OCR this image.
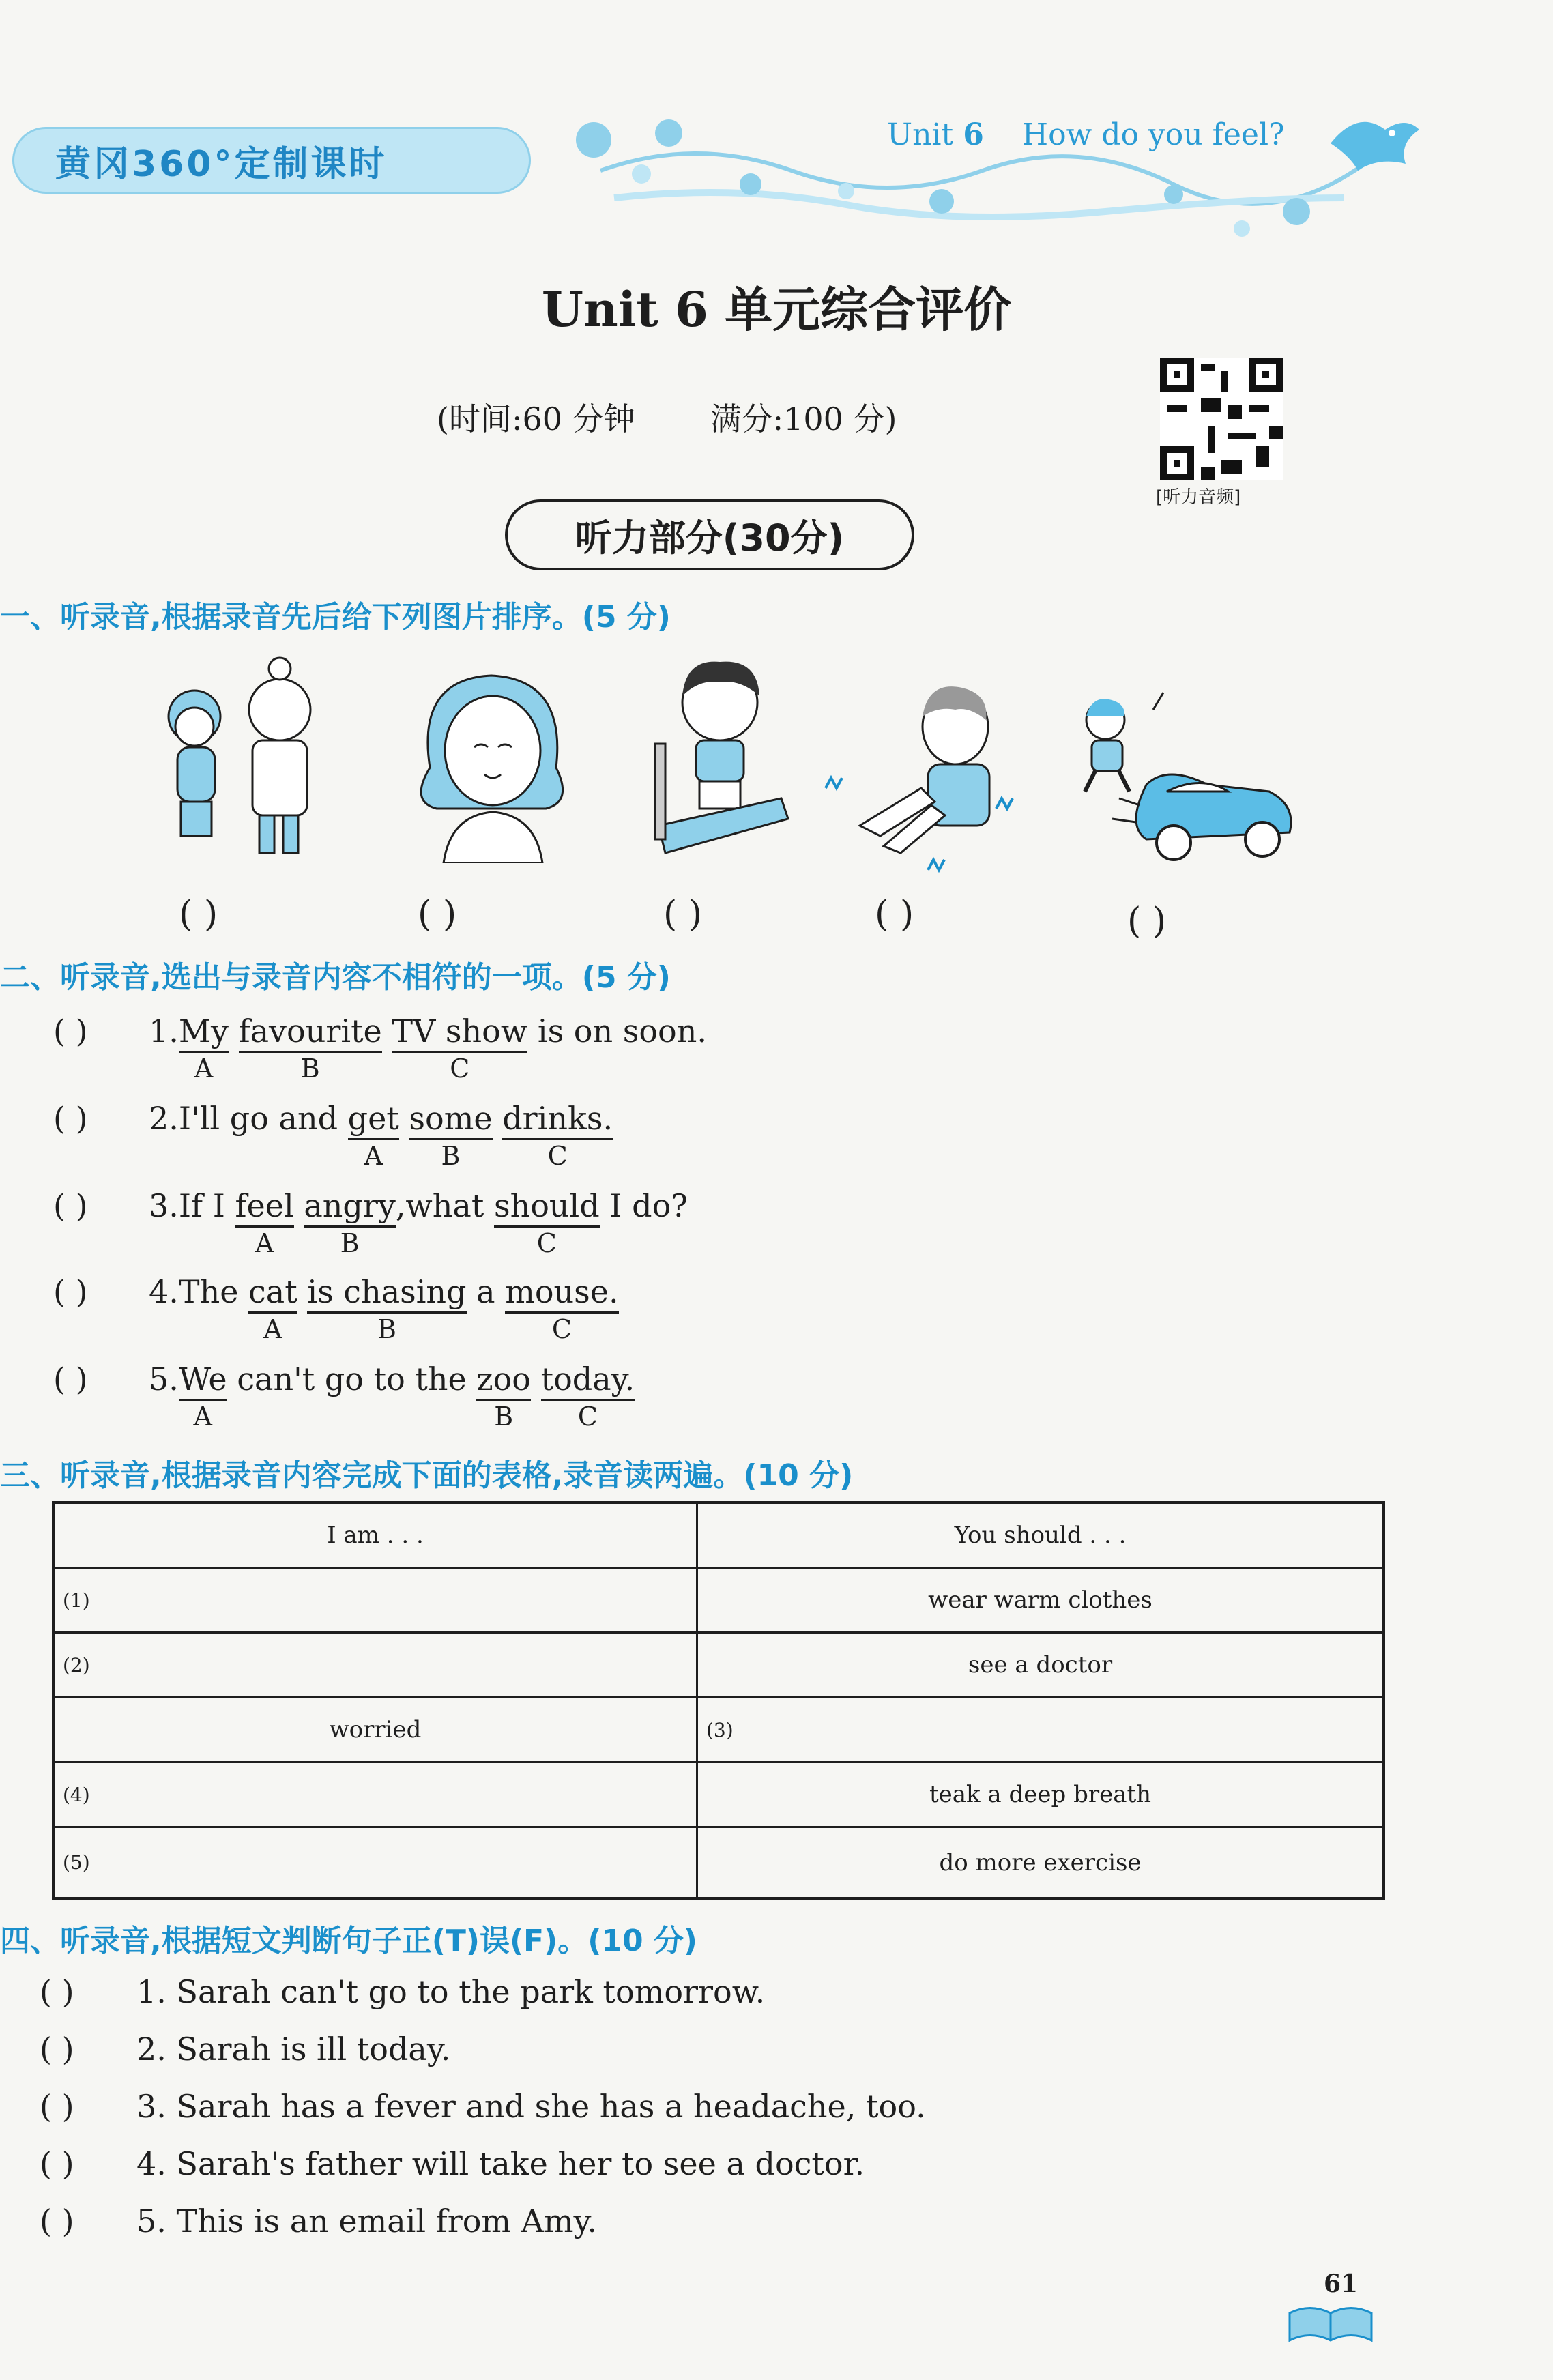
黄冈360°定制课时
Unit 6 How do you feel?
Unit 6 单元综合评价
(时间:60 分钟 满分:100 分)
[听力音频]
听力部分(30分)
一、听录音,根据录音先后给下列图片排序。(5 分)
( )	( )	( )	( )	( )
二、听录音,选出与录音内容不相符的一项。(5 分)
( ) 1.My
A
favourite
B
TV show
C
is on soon.
( ) 2.I'll go and get
A
some
B
drinks.
C
( ) 3.If I feel
A
angry
B
,what should
C
I do?
( ) 4.The cat
A
is chasing
B
a mouse.
C
( ) 5.We
A
can't go to the zoo
B
today.
C
三、听录音,根据录音内容完成下面的表格,录音读两遍。(10 分)
I am . . .	You should . . .
(1)	wear warm clothes
(2)	see a doctor
worried	(3)
(4)	teak a deep breath
(5)	do more exercise
四、听录音,根据短文判断句子正(T)误(F)。(10 分)
( ) 1. Sarah can't go to the park tomorrow.
( ) 2. Sarah is ill today.
( ) 3. Sarah has a fever and she has a headache, too.
( ) 4. Sarah's father will take her to see a doctor.
( ) 5. This is an email from Amy.
61
